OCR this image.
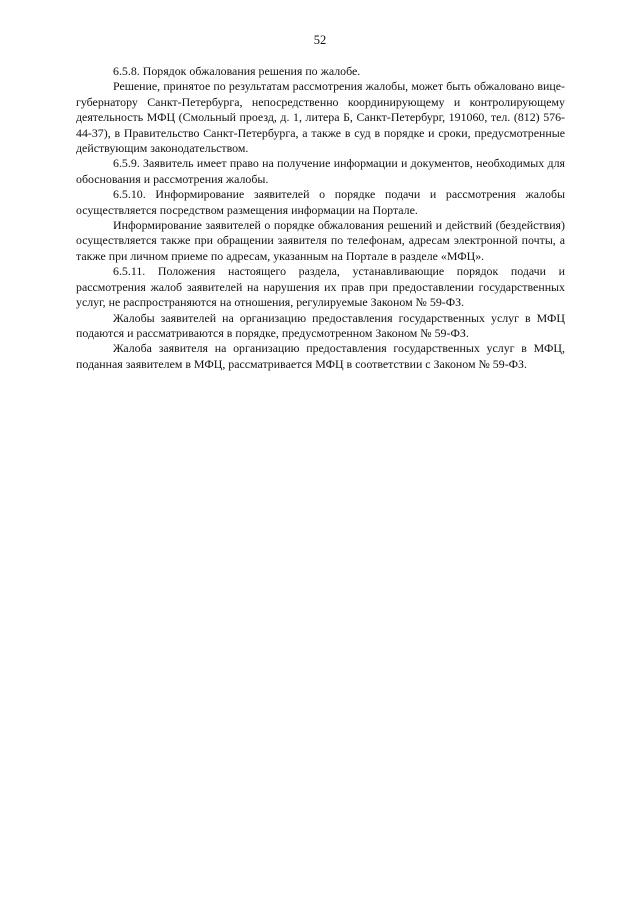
52

6.5.8. Порядок обжалования решения по жалобе.

Решение, принятое по результатам рассмотрения жалобы, может быть обжаловано вице-губернатору Санкт-Петербурга, непосредственно координирующему и контролирующему деятельность МФЦ (Смольный проезд, д. 1, литера Б, Санкт-Петербург, 191060, тел. (812) 576-44-37), в Правительство Санкт-Петербурга, а также в суд в порядке и сроки, предусмотренные действующим законодательством.

6.5.9. Заявитель имеет право на получение информации и документов, необходимых для обоснования и рассмотрения жалобы.

6.5.10. Информирование заявителей о порядке подачи и рассмотрения жалобы осуществляется посредством размещения информации на Портале.

Информирование заявителей о порядке обжалования решений и действий (бездействия) осуществляется также при обращении заявителя по телефонам, адресам электронной почты, а также при личном приеме по адресам, указанным на Портале в разделе «МФЦ».

6.5.11. Положения настоящего раздела, устанавливающие порядок подачи и рассмотрения жалоб заявителей на нарушения их прав при предоставлении государственных услуг, не распространяются на отношения, регулируемые Законом № 59-ФЗ.

Жалобы заявителей на организацию предоставления государственных услуг в МФЦ подаются и рассматриваются в порядке, предусмотренном Законом № 59-ФЗ.

Жалоба заявителя на организацию предоставления государственных услуг в МФЦ, поданная заявителем в МФЦ, рассматривается МФЦ в соответствии с Законом № 59-ФЗ.
